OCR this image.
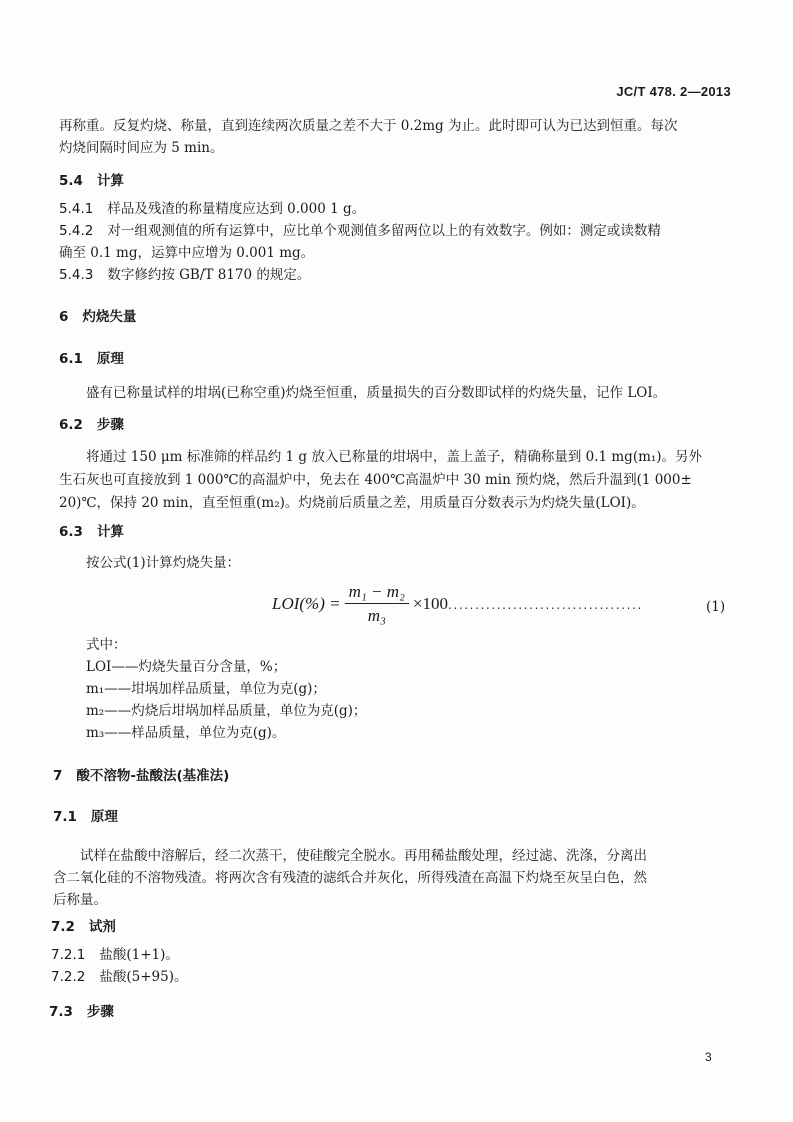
JC/T 478. 2—2013
再称重。反复灼烧、称量，直到连续两次质量之差不大于 0.2mg 为止。此时即可认为已达到恒重。每次
灼烧间隔时间应为 5 min。
5.4 计算
5.4.1 样品及残渣的称量精度应达到 0.000 1 g。
5.4.2 对一组观测值的所有运算中，应比单个观测值多留两位以上的有效数字。例如：测定或读数精
确至 0.1 mg，运算中应增为 0.001 mg。
5.4.3 数字修约按 GB/T 8170 的规定。
6 灼烧失量
6.1 原理
盛有已称量试样的坩埚(已称空重)灼烧至恒重，质量损失的百分数即试样的灼烧失量，记作 LOI。
6.2 步骤
将通过 150 μm 标准筛的样品约 1 g 放入已称量的坩埚中，盖上盖子，精确称量到 0.1 mg(m₁)。另外
生石灰也可直接放到 1 000℃的高温炉中，免去在 400℃高温炉中 30 min 预灼烧，然后升温到(1 000±
20)℃，保持 20 min，直至恒重(m₂)。灼烧前后质量之差，用质量百分数表示为灼烧失量(LOI)。
6.3 计算
按公式(1)计算灼烧失量：
$LOI(\%) = \frac{\text{m₁ − m₂}}{\text{m₃}} \times 100$ ....................................	(1)
式中：
LOI——灼烧失量百分含量，%；
m₁——坩埚加样品质量，单位为克(g)；
m₂——灼烧后坩埚加样品质量，单位为克(g)；
m₃——样品质量，单位为克(g)。
7 酸不溶物-盐酸法(基准法)
7.1 原理
试样在盐酸中溶解后，经二次蒸干，使硅酸完全脱水。再用稀盐酸处理，经过滤、洗涤，分离出
含二氧化硅的不溶物残渣。将两次含有残渣的滤纸合并灰化，所得残渣在高温下灼烧至灰呈白色，然
后称量。
7.2 试剂
7.2.1 盐酸(1+1)。
7.2.2 盐酸(5+95)。
7.3 步骤
3
